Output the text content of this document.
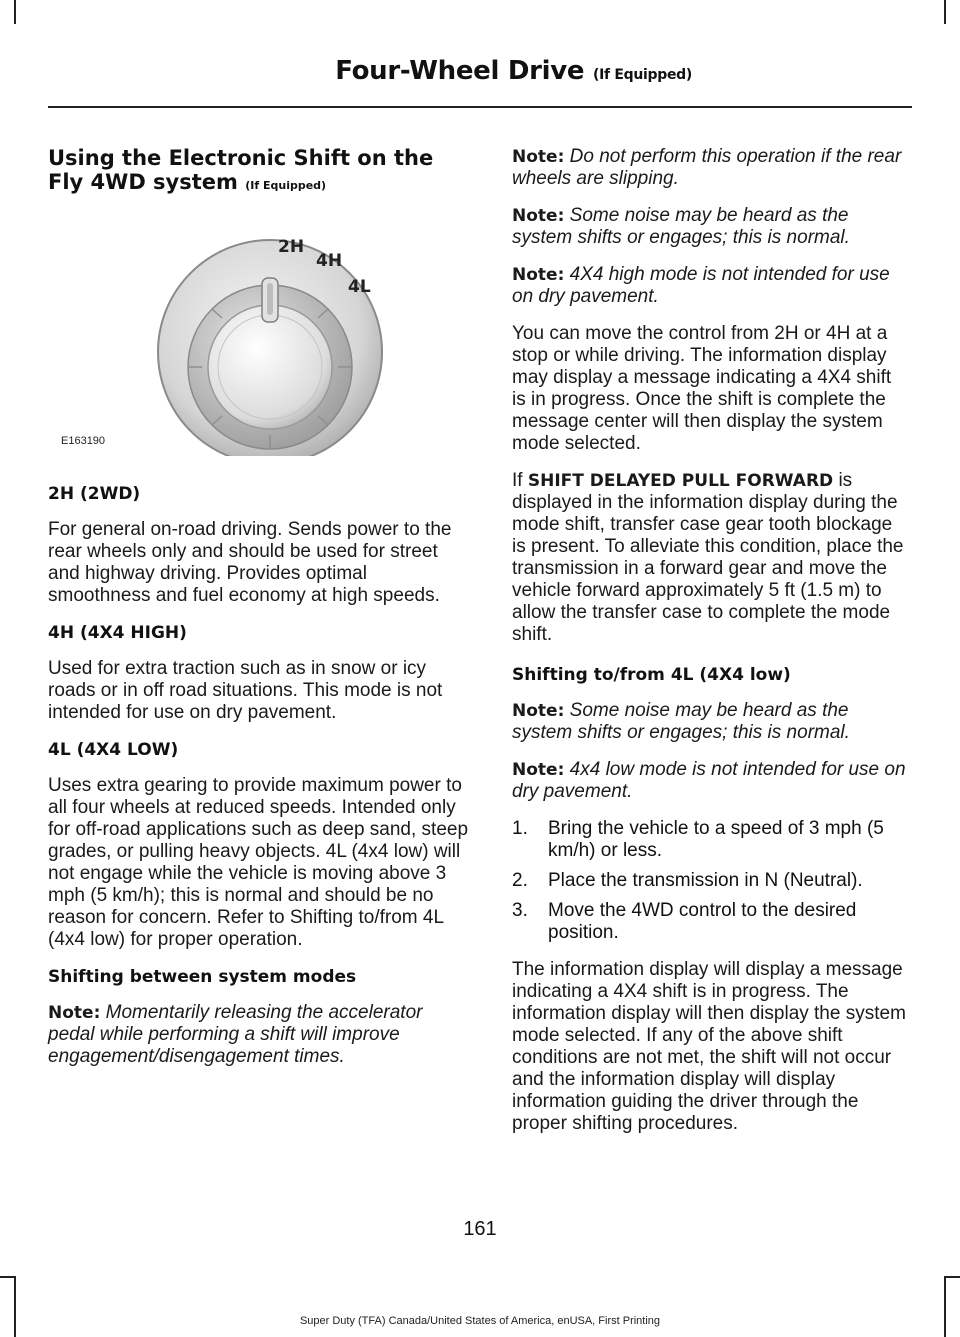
Four-Wheel Drive (If Equipped)
Using the Electronic Shift on the Fly 4WD system (If Equipped)
2H
4H
4L
E163190
2H (2WD)

For general on-road driving. Sends power to the rear wheels only and should be used for street and highway driving. Provides optimal smoothness and fuel economy at high speeds.

4H (4X4 HIGH)

Used for extra traction such as in snow or icy roads or in off road situations. This mode is not intended for use on dry pavement.

4L (4X4 LOW)

Uses extra gearing to provide maximum power to all four wheels at reduced speeds. Intended only for off-road applications such as deep sand, steep grades, or pulling heavy objects. 4L (4x4 low) will not engage while the vehicle is moving above 3 mph (5 km/h); this is normal and should be no reason for concern. Refer to Shifting to/from 4L (4x4 low) for proper operation.

Shifting between system modes

Note: Momentarily releasing the accelerator pedal while performing a shift will improve engagement/disengagement times.

Note: Do not perform this operation if the rear wheels are slipping.

Note: Some noise may be heard as the system shifts or engages; this is normal.

Note: 4X4 high mode is not intended for use on dry pavement.

You can move the control from 2H or 4H at a stop or while driving. The information display may display a message indicating a 4X4 shift is in progress. Once the shift is complete the message center will then display the system mode selected.

If SHIFT DELAYED PULL FORWARD is displayed in the information display during the mode shift, transfer case gear tooth blockage is present. To alleviate this condition, place the transmission in a forward gear and move the vehicle forward approximately 5 ft (1.5 m) to allow the transfer case to complete the mode shift.

Shifting to/from 4L (4X4 low)

Note: Some noise may be heard as the system shifts or engages; this is normal.

Note: 4x4 low mode is not intended for use on dry pavement.

1. Bring the vehicle to a speed of 3 mph (5 km/h) or less.
2. Place the transmission in N (Neutral).
3. Move the 4WD control to the desired position.

The information display will display a message indicating a 4X4 shift is in progress. The information display will then display the system mode selected. If any of the above shift conditions are not met, the shift will not occur and the information display will display information guiding the driver through the proper shifting procedures.

161
Super Duty (TFA) Canada/United States of America, enUSA, First Printing
